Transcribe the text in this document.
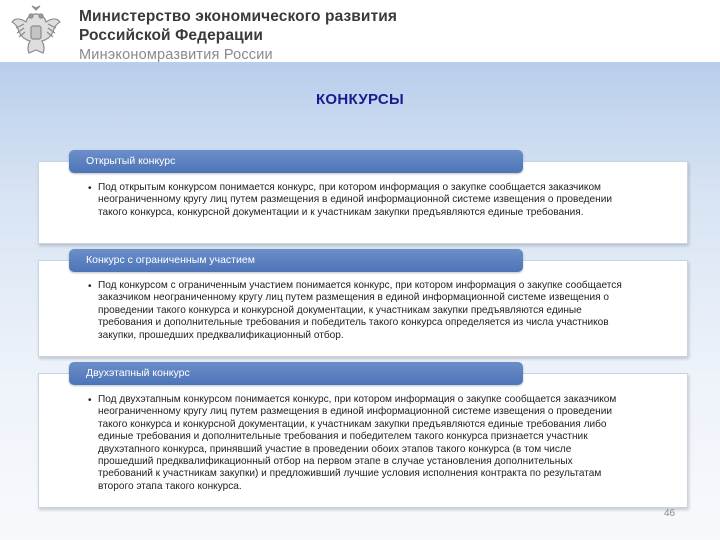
Министерство экономического развития
Российской Федерации
Минэкономразвития России
КОНКУРСЫ
Открытый конкурс
• Под открытым конкурсом понимается конкурс, при котором информация о закупке сообщается заказчиком неограниченному кругу лиц путем размещения в единой информационной системе извещения о проведении такого конкурса, конкурсной документации и к участникам закупки предъявляются единые требования.
Конкурс с ограниченным участием
• Под конкурсом с ограниченным участием понимается конкурс, при котором информация о закупке сообщается заказчиком неограниченному кругу лиц путем размещения в единой информационной системе извещения о проведении такого конкурса и конкурсной документации, к участникам закупки предъявляются единые требования и дополнительные требования и победитель такого конкурса определяется из числа участников закупки, прошедших предквалификационный отбор.
Двухэтапный конкурс
• Под двухэтапным конкурсом понимается конкурс, при котором информация о закупке сообщается заказчиком неограниченному кругу лиц путем размещения в единой информационной системе извещения о проведении такого конкурса и конкурсной документации, к участникам закупки предъявляются единые требования либо единые требования и дополнительные требования и победителем такого конкурса признается участник двухэтапного конкурса, принявший участие в проведении обоих этапов такого конкурса (в том числе прошедший предквалификационный отбор на первом этапе в случае установления дополнительных требований к участникам закупки) и предложивший лучшие условия исполнения контракта по результатам второго этапа такого конкурса.
46
